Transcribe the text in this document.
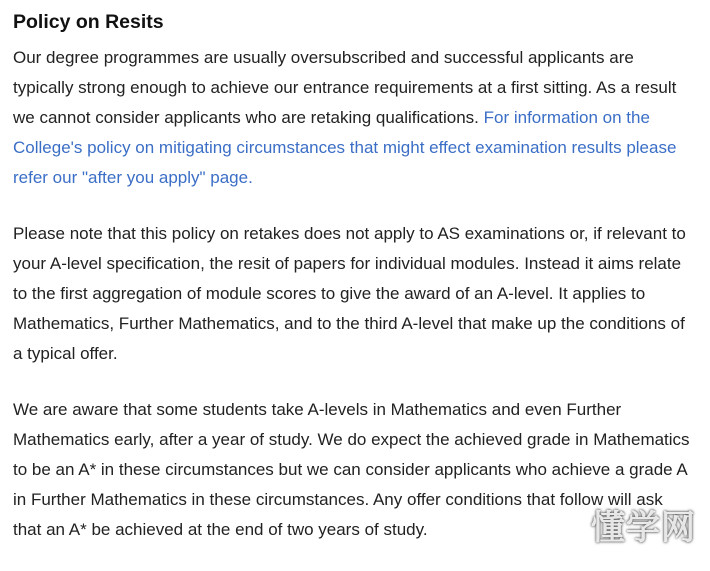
Policy on Resits

Our degree programmes are usually oversubscribed and successful applicants are typically strong enough to achieve our entrance requirements at a first sitting. As a result we cannot consider applicants who are retaking qualifications. For information on the College's policy on mitigating circumstances that might effect examination results please refer our "after you apply" page.

Please note that this policy on retakes does not apply to AS examinations or, if relevant to your A-level specification, the resit of papers for individual modules. Instead it aims relate to the first aggregation of module scores to give the award of an A-level. It applies to Mathematics, Further Mathematics, and to the third A-level that make up the conditions of a typical offer.

We are aware that some students take A-levels in Mathematics and even Further Mathematics early, after a year of study. We do expect the achieved grade in Mathematics to be an A* in these circumstances but we can consider applicants who achieve a grade A in Further Mathematics in these circumstances. Any offer conditions that follow will ask that an A* be achieved at the end of two years of study.	懂学网
